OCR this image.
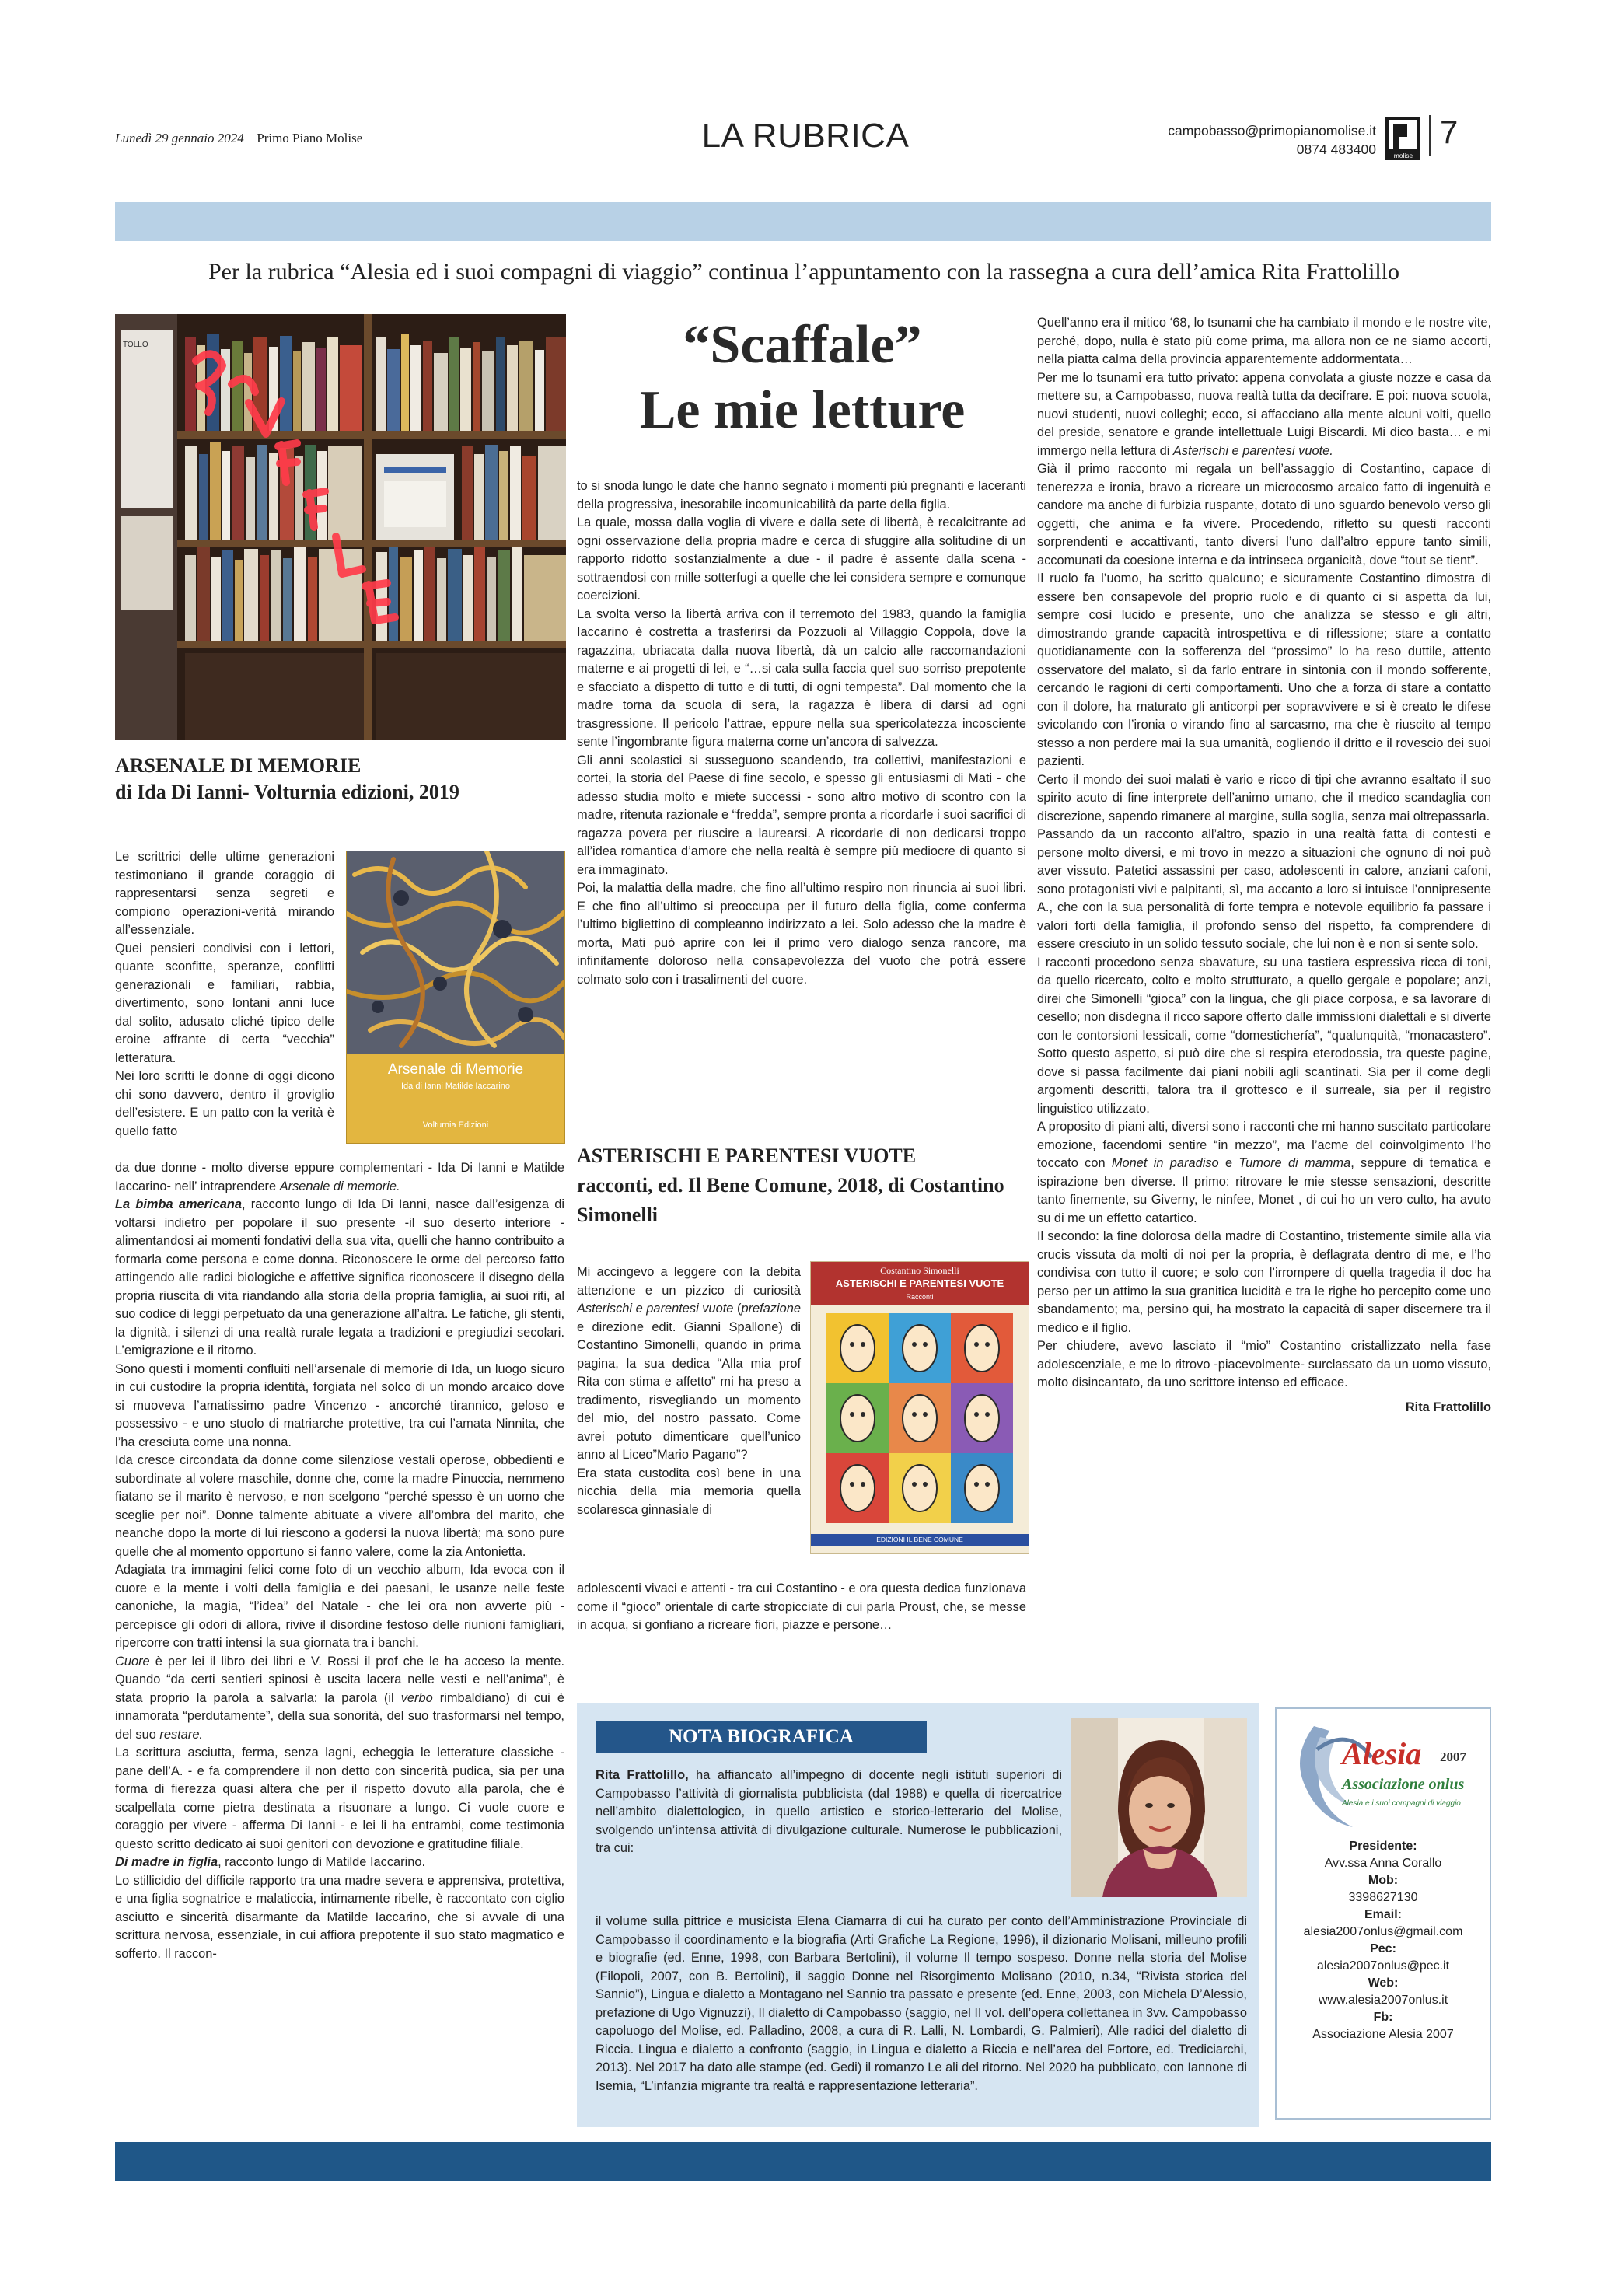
Lunedì 29 gennaio 2024 Primo Piano Molise	LA RUBRICA	campobasso@primopianomolise.it
0874 483400	molise
7
Per la rubrica “Alesia ed i suoi compagni di viaggio” continua l’appuntamento con la rassegna a cura dell’amica Rita Frattolillo
TOLLO	“Scaffale”
Le mie letture
ARSENALE DI MEMORIE
di Ida Di Ianni- Volturnia edizioni, 2019
Arsenale di Memorie
Ida di Ianni Matilde Iaccarino
Volturnia Edizioni

Le scrittrici delle ultime generazioni testimoniano il grande coraggio di rappresentarsi senza segreti e compiono operazioni-verità mirando all’essenziale.

Quei pensieri condivisi con i lettori, quante sconfitte, speranze, conflitti generazionali e familiari, rabbia, divertimento, sono lontani anni luce dal solito, adusato cliché tipico delle eroine affrante di certa “vecchia” letteratura.

Nei loro scritti le donne di oggi dicono chi sono davvero, dentro il groviglio dell’esistere. E un patto con la verità è quello fatto

da due donne - molto diverse eppure complementari - Ida Di Ianni e Matilde Iaccarino- nell’ intraprendere Arsenale di memorie.

La bimba americana, racconto lungo di Ida Di Ianni, nasce dall’esigenza di voltarsi indietro per popolare il suo presente -il suo deserto interiore - alimentandosi ai momenti fondativi della sua vita, quelli che hanno contribuito a formarla come persona e come donna. Riconoscere le orme del percorso fatto attingendo alle radici biologiche e affettive significa riconoscere il disegno della propria riuscita di vita riandando alla storia della propria famiglia, ai suoi riti, al suo codice di leggi perpetuato da una generazione all’altra. Le fatiche, gli stenti, la dignità, i silenzi di una realtà rurale legata a tradizioni e pregiudizi secolari. L’emigrazione e il ritorno.

Sono questi i momenti confluiti nell’arsenale di memorie di Ida, un luogo sicuro in cui custodire la propria identità, forgiata nel solco di un mondo arcaico dove si muoveva l’amatissimo padre Vincenzo - ancorché tirannico, geloso e possessivo - e uno stuolo di matriarche protettive, tra cui l’amata Ninnita, che l’ha cresciuta come una nonna.

Ida cresce circondata da donne come silenziose vestali operose, obbedienti e subordinate al volere maschile, donne che, come la madre Pinuccia, nemmeno fiatano se il marito è nervoso, e non scelgono “perché spesso è un uomo che sceglie per noi”. Donne talmente abituate a vivere all’ombra del marito, che neanche dopo la morte di lui riescono a godersi la nuova libertà; ma sono pure quelle che al momento opportuno si fanno valere, come la zia Antonietta.

Adagiata tra immagini felici come foto di un vecchio album, Ida evoca con il cuore e la mente i volti della famiglia e dei paesani, le usanze nelle feste canoniche, la magia, “l’idea” del Natale - che lei ora non avverte più - percepisce gli odori di allora, rivive il disordine festoso delle riunioni famigliari, ripercorre con tratti intensi la sua giornata tra i banchi.

Cuore è per lei il libro dei libri e V. Rossi il prof che le ha acceso la mente. Quando “da certi sentieri spinosi è uscita lacera nelle vesti e nell’anima”, è stata proprio la parola a salvarla: la parola (il verbo rimbaldiano) di cui è innamorata “perdutamente”, della sua sonorità, del suo trasformarsi nel tempo, del suo restare.

La scrittura asciutta, ferma, senza lagni, echeggia le letterature classiche - pane dell’A. - e fa comprendere il non detto con sincerità pudica, sia per una forma di fierezza quasi altera che per il rispetto dovuto alla parola, che è scalpellata come pietra destinata a risuonare a lungo. Ci vuole cuore e coraggio per vivere - afferma Di Ianni - e lei li ha entrambi, come testimonia questo scritto dedicato ai suoi genitori con devozione e gratitudine filiale.

Di madre in figlia, racconto lungo di Matilde Iaccarino.

Lo stillicidio del difficile rapporto tra una madre severa e apprensiva, protettiva, e una figlia sognatrice e malaticcia, intimamente ribelle, è raccontato con ciglio asciutto e sincerità disarmante da Matilde Iaccarino, che si avvale di una scrittura nervosa, essenziale, in cui affiora prepotente il suo stato magmatico e sofferto. Il raccon-

to si snoda lungo le date che hanno segnato i momenti più pregnanti e laceranti della progressiva, inesorabile incomunicabilità da parte della figlia.

La quale, mossa dalla voglia di vivere e dalla sete di libertà, è recalcitrante ad ogni osservazione della propria madre e cerca di sfuggire alla solitudine di un rapporto ridotto sostanzialmente a due - il padre è assente dalla scena -sottraendosi con mille sotterfugi a quelle che lei considera sempre e comunque coercizioni.

La svolta verso la libertà arriva con il terremoto del 1983, quando la famiglia Iaccarino è costretta a trasferirsi da Pozzuoli al Villaggio Coppola, dove la ragazzina, ubriacata dalla nuova libertà, dà un calcio alle raccomandazioni materne e ai progetti di lei, e “…si cala sulla faccia quel suo sorriso prepotente e sfacciato a dispetto di tutto e di tutti, di ogni tempesta”. Dal momento che la madre torna da scuola di sera, la ragazza è libera di darsi ad ogni trasgressione. Il pericolo l’attrae, eppure nella sua spericolatezza incosciente sente l’ingombrante figura materna come un’ancora di salvezza.

Gli anni scolastici si susseguono scandendo, tra collettivi, manifestazioni e cortei, la storia del Paese di fine secolo, e spesso gli entusiasmi di Mati - che adesso studia molto e miete successi - sono altro motivo di scontro con la madre, ritenuta razionale e “fredda”, sempre pronta a ricordarle i suoi sacrifici di ragazza povera per riuscire a laurearsi. A ricordarle di non dedicarsi troppo all’idea romantica d’amore che nella realtà è sempre più mediocre di quanto si era immaginato.

Poi, la malattia della madre, che fino all’ultimo respiro non rinuncia ai suoi libri. E che fino all’ultimo si preoccupa per il futuro della figlia, come conferma l’ultimo bigliettino di compleanno indirizzato a lei. Solo adesso che la madre è morta, Mati può aprire con lei il primo vero dialogo senza rancore, ma infinitamente doloroso nella consapevolezza del vuoto che potrà essere colmato solo con i trasalimenti del cuore.

ASTERISCHI E PARENTESI VUOTE
racconti, ed. Il Bene Comune, 2018, di Costantino Simonelli
Costantino Simonelli
ASTERISCHI E PARENTESI VUOTE
Racconti
EDIZIONI IL BENE COMUNE

Mi accingevo a leggere con la debita attenzione e un pizzico di curiosità Asterischi e parentesi vuote (prefazione e direzione edit. Gianni Spallone) di Costantino Simonelli, quando in prima pagina, la sua dedica “Alla mia prof Rita con stima e affetto” mi ha preso a tradimento, risvegliando un momento del mio, del nostro passato. Come avrei potuto dimenticare quell’unico anno al Liceo”Mario Pagano”?

Era stata custodita così bene in una nicchia della mia memoria quella scolaresca ginnasiale di

adolescenti vivaci e attenti - tra cui Costantino - e ora questa dedica funzionava come il “gioco” orientale di carte stropicciate di cui parla Proust, che, se messe in acqua, si gonfiano a ricreare fiori, piazze e persone…

Quell’anno era il mitico ‘68, lo tsunami che ha cambiato il mondo e le nostre vite, perché, dopo, nulla è stato più come prima, ma allora non ce ne siamo accorti, nella piatta calma della provincia apparentemente addormentata…

Per me lo tsunami era tutto privato: appena convolata a giuste nozze e casa da mettere su, a Campobasso, nuova realtà tutta da decifrare. E poi: nuova scuola, nuovi studenti, nuovi colleghi; ecco, si affacciano alla mente alcuni volti, quello del preside, senatore e grande intellettuale Luigi Biscardi. Mi dico basta… e mi immergo nella lettura di Asterischi e parentesi vuote.

Già il primo racconto mi regala un bell’assaggio di Costantino, capace di tenerezza e ironia, bravo a ricreare un microcosmo arcaico fatto di ingenuità e candore ma anche di furbizia ruspante, dotato di uno sguardo benevolo verso gli oggetti, che anima e fa vivere. Procedendo, rifletto su questi racconti sorprendenti e accattivanti, tanto diversi l’uno dall’altro eppure tanto simili, accomunati da coesione interna e da intrinseca organicità, dove “tout se tient”.

Il ruolo fa l’uomo, ha scritto qualcuno; e sicuramente Costantino dimostra di essere ben consapevole del proprio ruolo e di quanto ci si aspetta da lui, sempre così lucido e presente, uno che analizza se stesso e gli altri, dimostrando grande capacità introspettiva e di riflessione; stare a contatto quotidianamente con la sofferenza del “prossimo” lo ha reso duttile, attento osservatore del malato, sì da farlo entrare in sintonia con il mondo sofferente, cercando le ragioni di certi comportamenti. Uno che a forza di stare a contatto con il dolore, ha maturato gli anticorpi per sopravvivere e si è creato le difese svicolando con l’ironia o virando fino al sarcasmo, ma che è riuscito al tempo stesso a non perdere mai la sua umanità, cogliendo il dritto e il rovescio dei suoi pazienti.

Certo il mondo dei suoi malati è vario e ricco di tipi che avranno esaltato il suo spirito acuto di fine interprete dell’animo umano, che il medico scandaglia con discrezione, sapendo rimanere al margine, sulla soglia, senza mai oltrepassarla.

Passando da un racconto all’altro, spazio in una realtà fatta di contesti e persone molto diversi, e mi trovo in mezzo a situazioni che ognuno di noi può aver vissuto. Patetici assassini per caso, adolescenti in calore, anziani cafoni, sono protagonisti vivi e palpitanti, sì, ma accanto a loro si intuisce l’onnipresente A., che con la sua personalità di forte tempra e notevole equilibrio fa passare i valori forti della famiglia, il profondo senso del rispetto, fa comprendere di essere cresciuto in un solido tessuto sociale, che lui non è e non si sente solo.

I racconti procedono senza sbavature, su una tastiera espressiva ricca di toni, da quello ricercato, colto e molto strutturato, a quello gergale e popolare; anzi, direi che Simonelli “gioca” con la lingua, che gli piace corposa, e sa lavorare di cesello; non disdegna il ricco sapore offerto dalle immissioni dialettali e si diverte con le contorsioni lessicali, come “domestichería”, “qualunquità, “monacastero”. Sotto questo aspetto, si può dire che si respira eterodossia, tra queste pagine, dove si passa facilmente dai piani nobili agli scantinati. Sia per il come degli argomenti descritti, talora tra il grottesco e il surreale, sia per il registro linguistico utilizzato.

A proposito di piani alti, diversi sono i racconti che mi hanno suscitato particolare emozione, facendomi sentire “in mezzo”, ma l’acme del coinvolgimento l’ho toccato con Monet in paradiso e Tumore di mamma, seppure di tematica e ispirazione ben diverse. Il primo: ritrovare le mie stesse sensazioni, descritte tanto finemente, su Giverny, le ninfee, Monet , di cui ho un vero culto, ha avuto su di me un effetto catartico.

Il secondo: la fine dolorosa della madre di Costantino, tristemente simile alla via crucis vissuta da molti di noi per la propria, è deflagrata dentro di me, e l’ho condivisa con tutto il cuore; e solo con l’irrompere di quella tragedia il doc ha perso per un attimo la sua granitica lucidità e tra le righe ho percepito come uno sbandamento; ma, persino qui, ha mostrato la capacità di saper discernere tra il medico e il figlio.

Per chiudere, avevo lasciato il “mio” Costantino cristallizzato nella fase adolescenziale, e me lo ritrovo -piacevolmente- surclassato da un uomo vissuto, molto disincantato, da uno scrittore intenso ed efficace.

Rita Frattolillo

NOTA BIOGRAFICA
Rita Frattolillo, ha affiancato all’impegno di docente negli istituti superiori di Campobasso l’attività di giornalista pubblicista (dal 1988) e quella di ricercatrice nell’ambito dialettologico, in quello artistico e storico-letterario del Molise, svolgendo un’intensa attività di divulgazione culturale. Numerose le pubblicazioni, tra cui:
il volume sulla pittrice e musicista Elena Ciamarra di cui ha curato per conto dell’Amministrazione Provinciale di Campobasso il coordinamento e la biografia (Arti Grafiche La Regione, 1996), il dizionario Molisani, milleuno profili e biografie (ed. Enne, 1998, con Barbara Bertolini), il volume Il tempo sospeso. Donne nella storia del Molise (Filopoli, 2007, con B. Bertolini), il saggio Donne nel Risorgimento Molisano (2010, n.34, “Rivista storica del Sannio”), Lingua e dialetto a Montagano nel Sannio tra passato e presente (ed. Enne, 2003, con Michela D’Alessio, prefazione di Ugo Vignuzzi), Il dialetto di Campobasso (saggio, nel II vol. dell’opera collettanea in 3vv. Campobasso capoluogo del Molise, ed. Palladino, 2008, a cura di R. Lalli, N. Lombardi, G. Palmieri), Alle radici del dialetto di Riccia. Lingua e dialetto a confronto (saggio, in Lingua e dialetto a Riccia e nell’area del Fortore, ed. Trediciarchi, 2013). Nel 2017 ha dato alle stampe (ed. Gedi) il romanzo Le ali del ritorno. Nel 2020 ha pubblicato, con Iannone di Isemia, “L’infanzia migrante tra realtà e rappresentazione letteraria”.
Alesia 2007
Associazione onlus
Alesia e i suoi compagni di viaggio
Presidente:
Avv.ssa Anna Corallo
Mob:
3398627130
Email:
alesia2007onlus@gmail.com
Pec:
alesia2007onlus@pec.it
Web:
www.alesia2007onlus.it
Fb:
Associazione Alesia 2007
